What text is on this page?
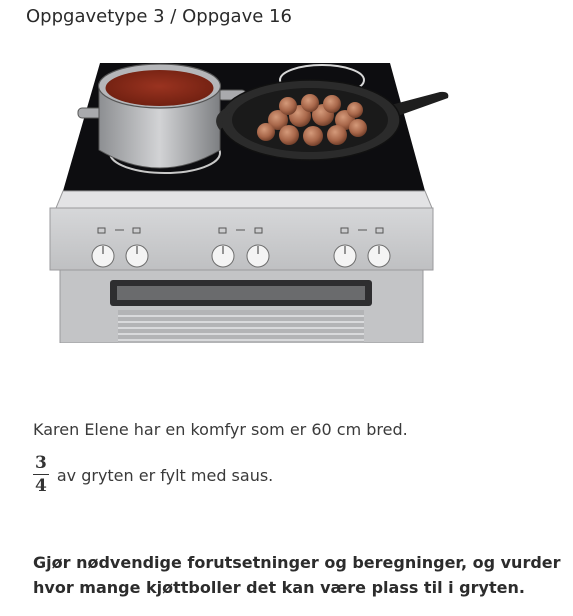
Oppgavetype 3 / Oppgave 16
Karen Elene har en komfyr som er 60 cm bred.
$\frac{3}{4}$ av gryten er fylt med saus.
Gjør nødvendige forutsetninger og beregninger, og vurder hvor mange kjøttboller det kan være plass til i gryten.
